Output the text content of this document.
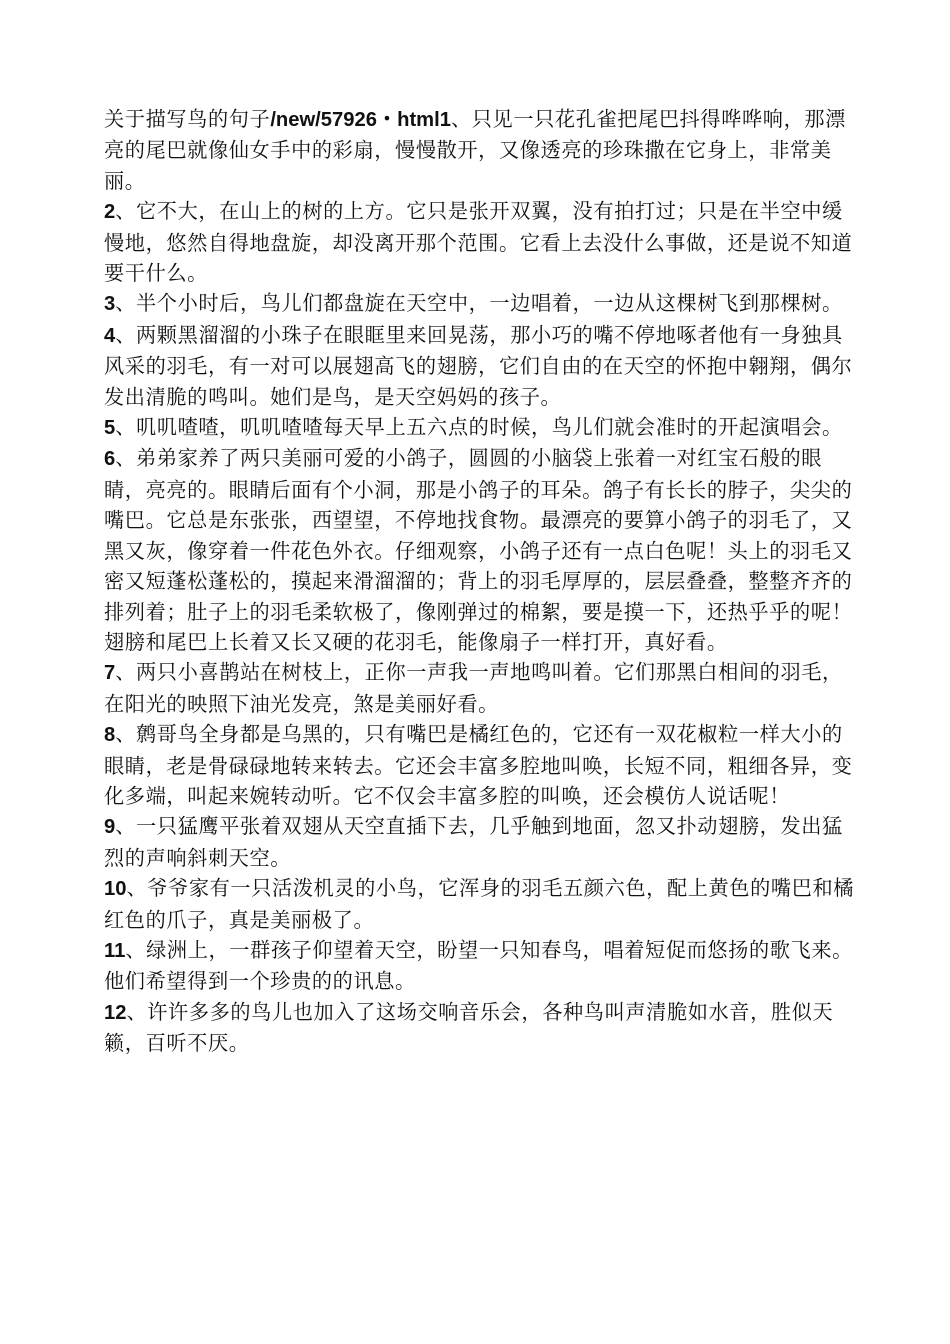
关于描写鸟的句子/new/57926・html1、只见一只花孔雀把尾巴抖得哗哗响，那漂亮的尾巴就像仙女手中的彩扇，慢慢散开，又像透亮的珍珠撒在它身上，非常美丽。

2、它不大，在山上的树的上方。它只是张开双翼，没有拍打过；只是在半空中缓慢地，悠然自得地盘旋，却没离开那个范围。它看上去没什么事做，还是说不知道要干什么。

3、半个小时后，鸟儿们都盘旋在天空中，一边唱着，一边从这棵树飞到那棵树。

4、两颗黑溜溜的小珠子在眼眶里来回晃荡，那小巧的嘴不停地啄者他有一身独具风采的羽毛，有一对可以展翅高飞的翅膀，它们自由的在天空的怀抱中翱翔，偶尔发出清脆的鸣叫。她们是鸟，是天空妈妈的孩子。

5、叽叽喳喳，叽叽喳喳每天早上五六点的时候，鸟儿们就会准时的开起演唱会。

6、弟弟家养了两只美丽可爱的小鸽子，圆圆的小脑袋上张着一对红宝石般的眼睛，亮亮的。眼睛后面有个小洞，那是小鸽子的耳朵。鸽子有长长的脖子，尖尖的嘴巴。它总是东张张，西望望，不停地找食物。最漂亮的要算小鸽子的羽毛了，又黑又灰，像穿着一件花色外衣。仔细观察，小鸽子还有一点白色呢！头上的羽毛又密又短蓬松蓬松的，摸起来滑溜溜的；背上的羽毛厚厚的，层层叠叠，整整齐齐的排列着；肚子上的羽毛柔软极了，像刚弹过的棉絮，要是摸一下，还热乎乎的呢！翅膀和尾巴上长着又长又硬的花羽毛，能像扇子一样打开，真好看。

7、两只小喜鹊站在树枝上，正你一声我一声地鸣叫着。它们那黑白相间的羽毛，在阳光的映照下油光发亮，煞是美丽好看。

8、鹩哥鸟全身都是乌黑的，只有嘴巴是橘红色的，它还有一双花椒粒一样大小的眼睛，老是骨碌碌地转来转去。它还会丰富多腔地叫唤，长短不同，粗细各异，变化多端，叫起来婉转动听。它不仅会丰富多腔的叫唤，还会模仿人说话呢！

9、一只猛鹰平张着双翅从天空直插下去，几乎触到地面，忽又扑动翅膀，发出猛烈的声响斜刺天空。

10、爷爷家有一只活泼机灵的小鸟，它浑身的羽毛五颜六色，配上黄色的嘴巴和橘红色的爪子，真是美丽极了。

11、绿洲上，一群孩子仰望着天空，盼望一只知春鸟，唱着短促而悠扬的歌飞来。他们希望得到一个珍贵的的讯息。

12、许许多多的鸟儿也加入了这场交响音乐会，各种鸟叫声清脆如水音，胜似天籁，百听不厌。
